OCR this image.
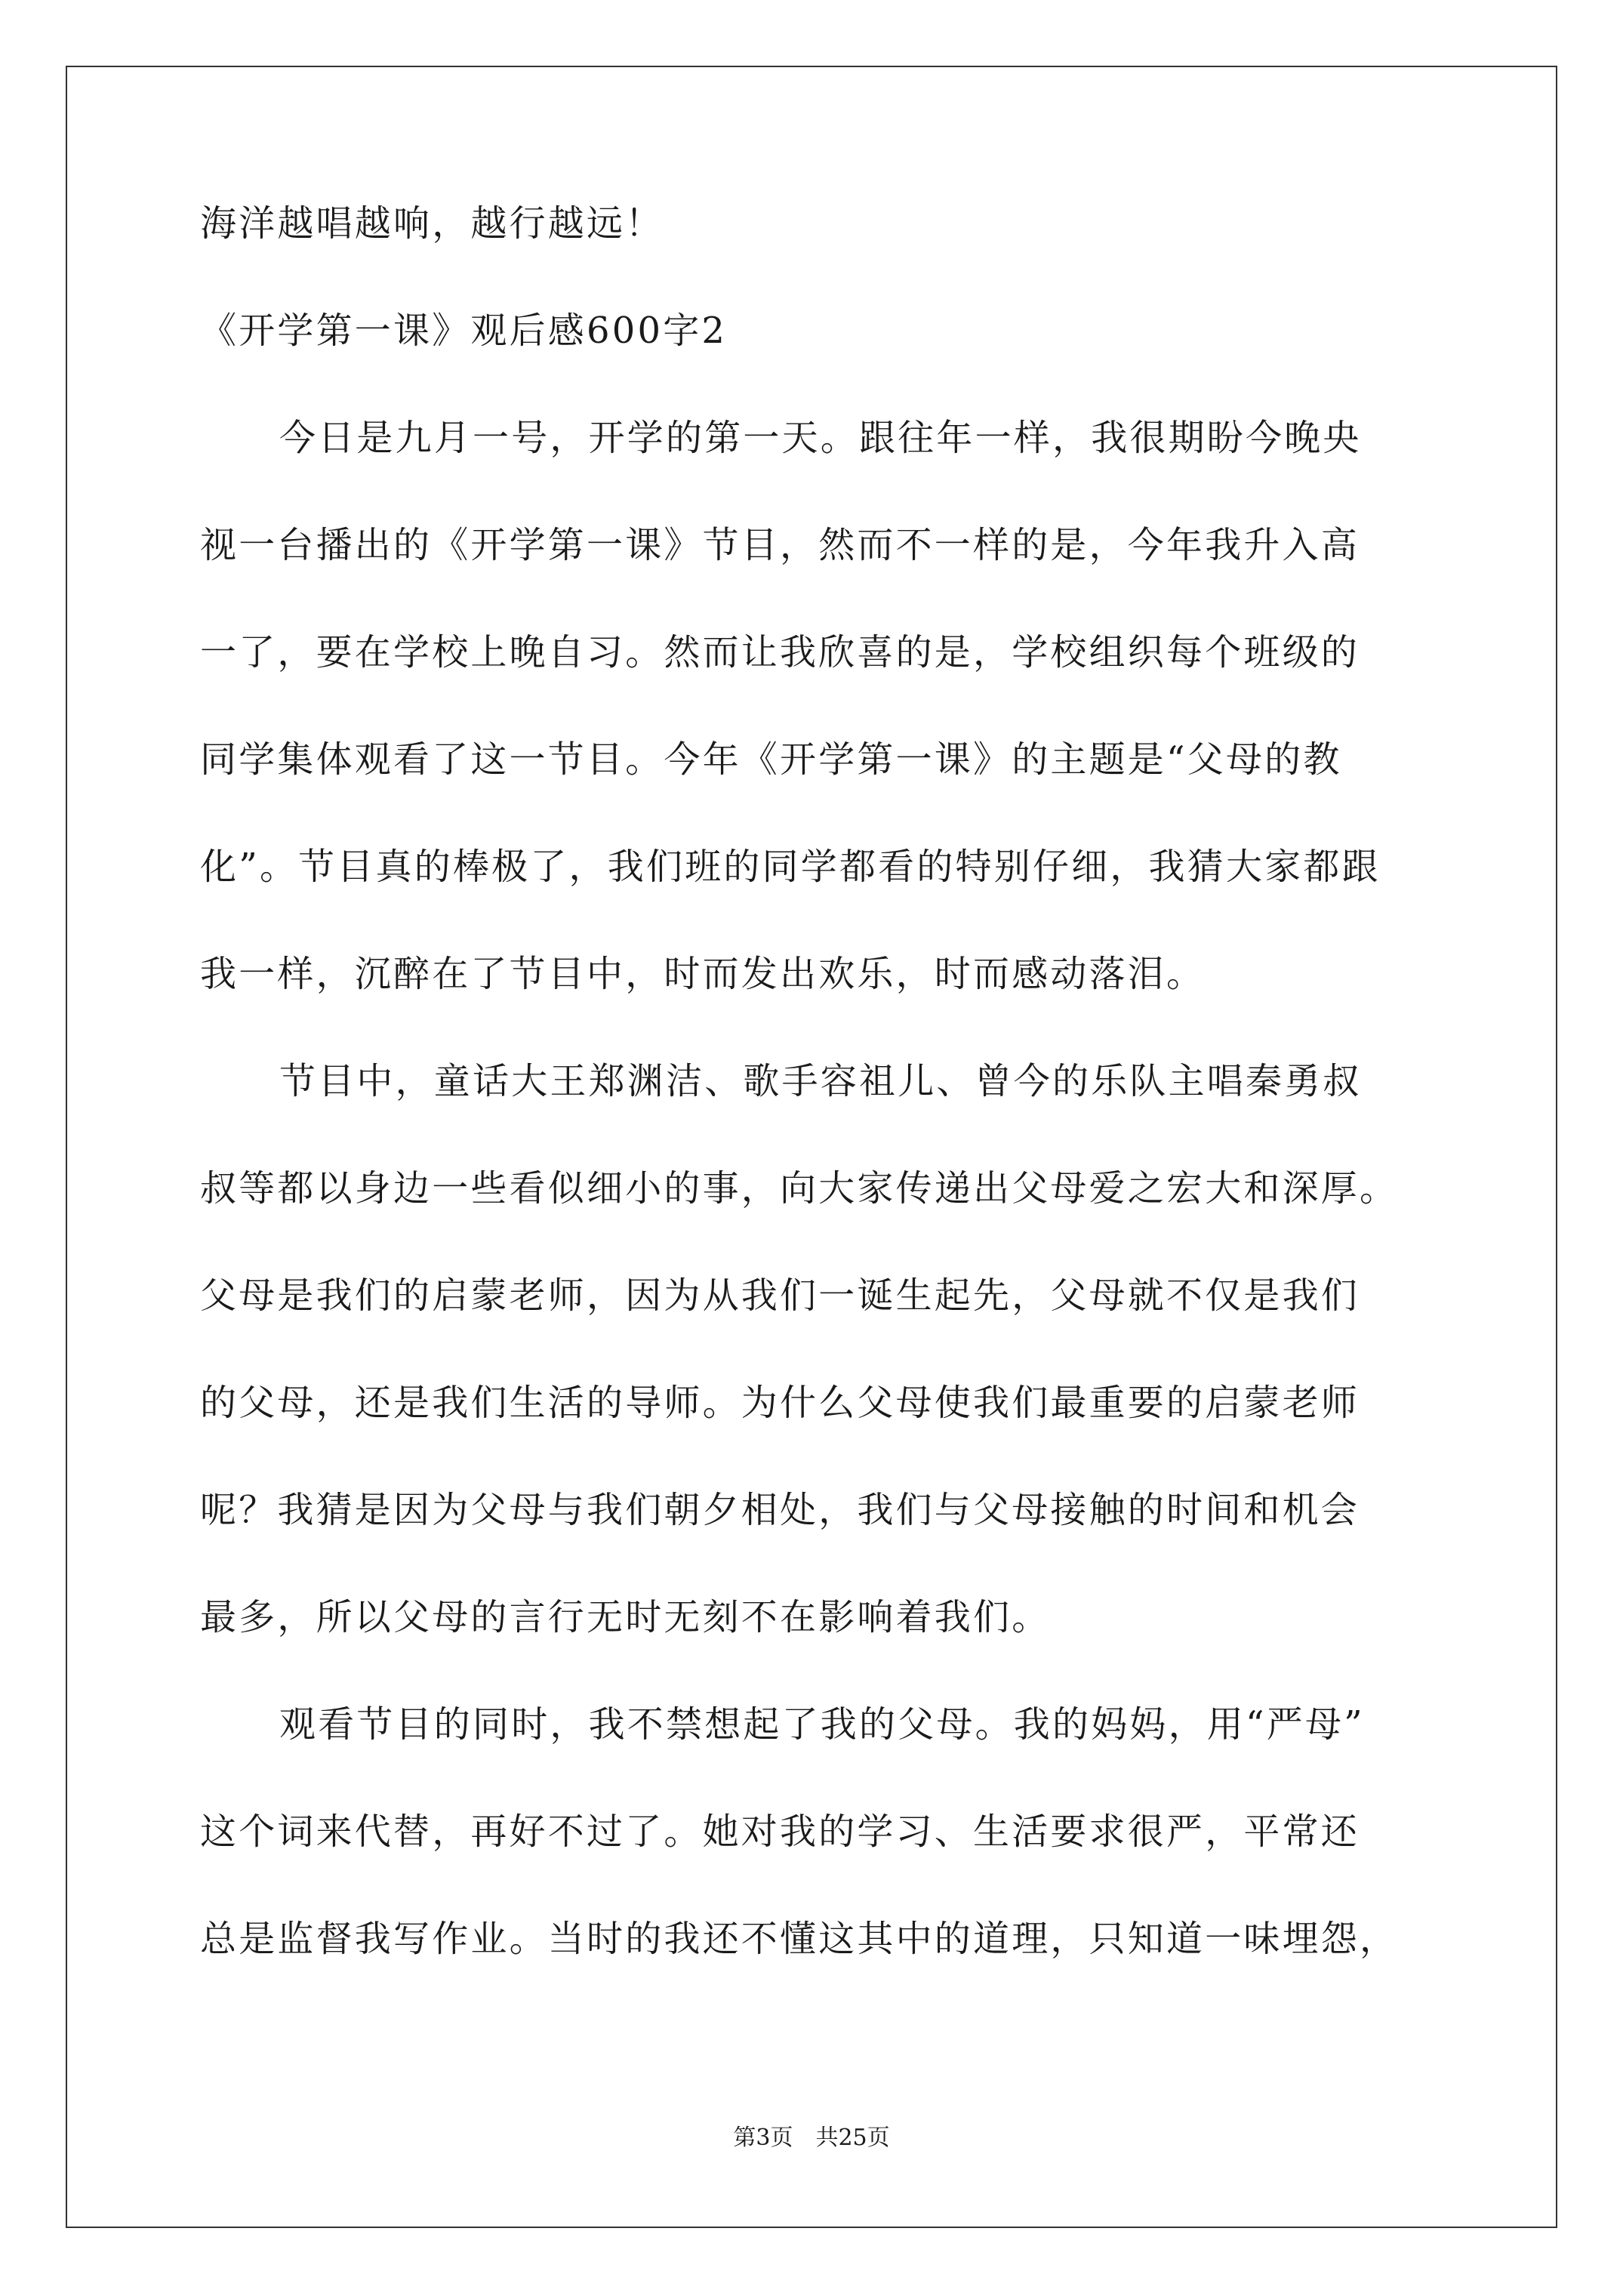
海洋越唱越响，越行越远！
《开学第一课》观后感600字2
今日是九月一号，开学的第一天。跟往年一样，我很期盼今晚央
视一台播出的《开学第一课》节目，然而不一样的是，今年我升入高
一了，要在学校上晚自习。然而让我欣喜的是，学校组织每个班级的
同学集体观看了这一节目。今年《开学第一课》的主题是“父母的教
化”。节目真的棒极了，我们班的同学都看的特别仔细，我猜大家都跟
我一样，沉醉在了节目中，时而发出欢乐，时而感动落泪。
节目中，童话大王郑渊洁、歌手容祖儿、曾今的乐队主唱秦勇叔
叔等都以身边一些看似细小的事，向大家传递出父母爱之宏大和深厚。
父母是我们的启蒙老师，因为从我们一诞生起先，父母就不仅是我们
的父母，还是我们生活的导师。为什么父母使我们最重要的启蒙老师
呢？我猜是因为父母与我们朝夕相处，我们与父母接触的时间和机会
最多，所以父母的言行无时无刻不在影响着我们。
观看节目的同时，我不禁想起了我的父母。我的妈妈，用“严母”
这个词来代替，再好不过了。她对我的学习、生活要求很严，平常还
总是监督我写作业。当时的我还不懂这其中的道理，只知道一味埋怨，
第3页　共25页
